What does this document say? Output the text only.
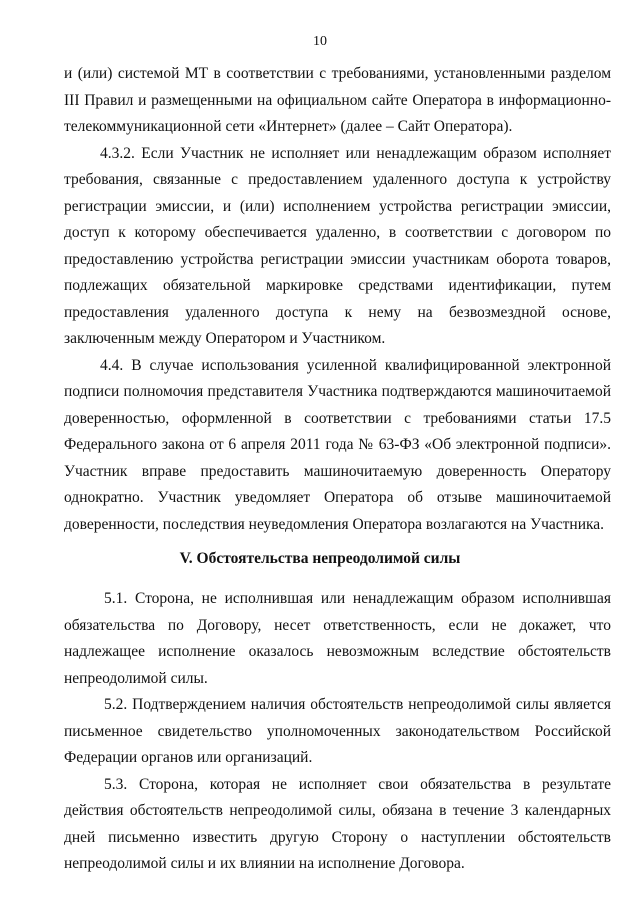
10

и (или) системой МТ в соответствии с требованиями, установленными разделом III Правил и размещенными на официальном сайте Оператора в информационно-телекоммуникационной сети «Интернет» (далее – Сайт Оператора).

4.3.2. Если Участник не исполняет или ненадлежащим образом исполняет требования, связанные с предоставлением удаленного доступа к устройству регистрации эмиссии, и (или) исполнением устройства регистрации эмиссии, доступ к которому обеспечивается удаленно, в соответствии с договором по предоставлению устройства регистрации эмиссии участникам оборота товаров, подлежащих обязательной маркировке средствами идентификации, путем предоставления удаленного доступа к нему на безвозмездной основе, заключенным между Оператором и Участником.

4.4. В случае использования усиленной квалифицированной электронной подписи полномочия представителя Участника подтверждаются машиночитаемой доверенностью, оформленной в соответствии с требованиями статьи 17.5 Федерального закона от 6 апреля 2011 года № 63-ФЗ «Об электронной подписи». Участник вправе предоставить машиночитаемую доверенность Оператору однократно. Участник уведомляет Оператора об отзыве машиночитаемой доверенности, последствия неуведомления Оператора возлагаются на Участника.

V. Обстоятельства непреодолимой силы

5.1. Сторона, не исполнившая или ненадлежащим образом исполнившая обязательства по Договору, несет ответственность, если не докажет, что надлежащее исполнение оказалось невозможным вследствие обстоятельств непреодолимой силы.

5.2. Подтверждением наличия обстоятельств непреодолимой силы является письменное свидетельство уполномоченных законодательством Российской Федерации органов или организаций.

5.3. Сторона, которая не исполняет свои обязательства в результате действия обстоятельств непреодолимой силы, обязана в течение 3 календарных дней письменно известить другую Сторону о наступлении обстоятельств непреодолимой силы и их влиянии на исполнение Договора.
